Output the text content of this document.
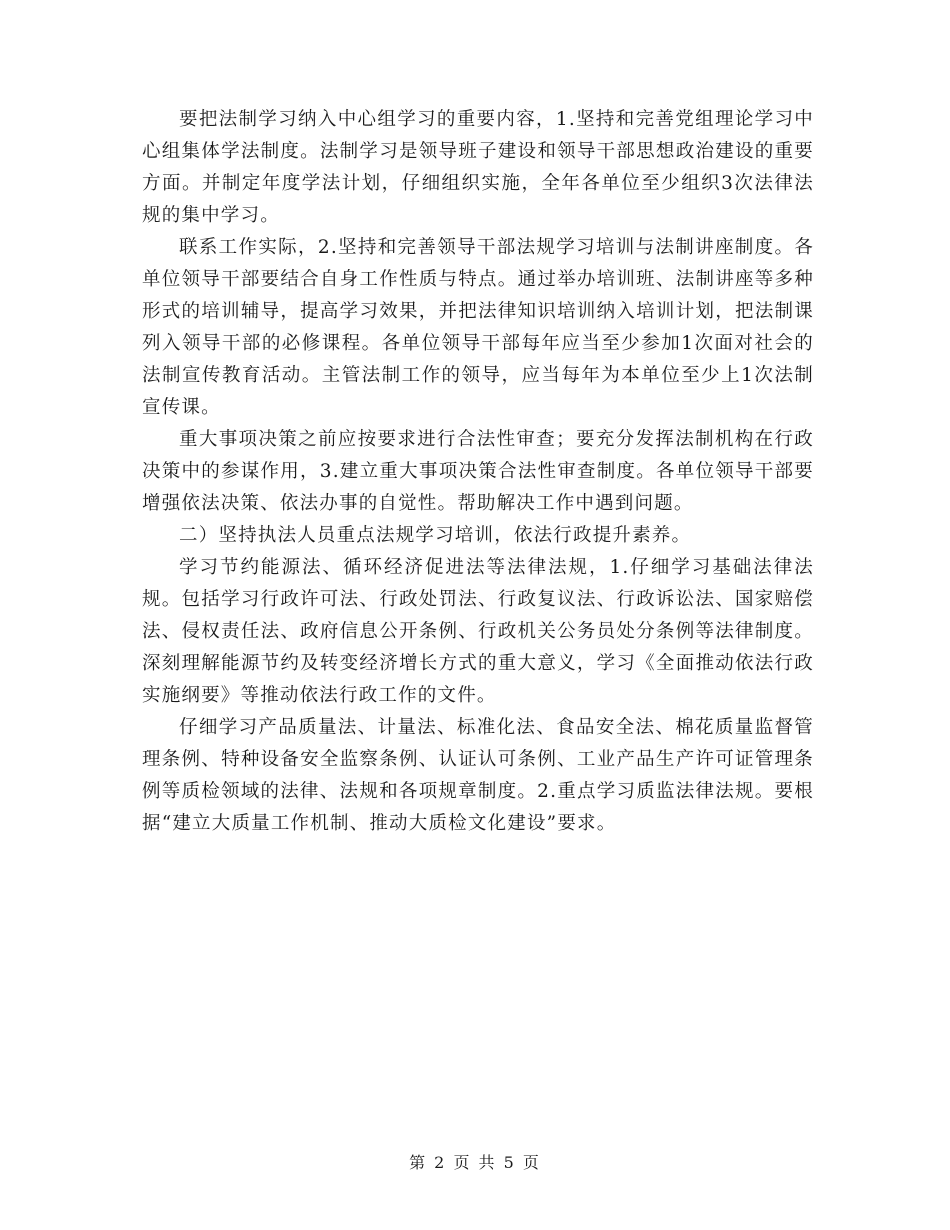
要把法制学习纳入中心组学习的重要内容，1.坚持和完善党组理论学习中心组集体学法制度。法制学习是领导班子建设和领导干部思想政治建设的重要方面。并制定年度学法计划，仔细组织实施，全年各单位至少组织3次法律法规的集中学习。

联系工作实际，2.坚持和完善领导干部法规学习培训与法制讲座制度。各单位领导干部要结合自身工作性质与特点。通过举办培训班、法制讲座等多种形式的培训辅导，提高学习效果，并把法律知识培训纳入培训计划，把法制课列入领导干部的必修课程。各单位领导干部每年应当至少参加1次面对社会的法制宣传教育活动。主管法制工作的领导，应当每年为本单位至少上1次法制宣传课。

重大事项决策之前应按要求进行合法性审查；要充分发挥法制机构在行政决策中的参谋作用，3.建立重大事项决策合法性审查制度。各单位领导干部要增强依法决策、依法办事的自觉性。帮助解决工作中遇到问题。

二）坚持执法人员重点法规学习培训，依法行政提升素养。

学习节约能源法、循环经济促进法等法律法规，1.仔细学习基础法律法规。包括学习行政许可法、行政处罚法、行政复议法、行政诉讼法、国家赔偿法、侵权责任法、政府信息公开条例、行政机关公务员处分条例等法律制度。深刻理解能源节约及转变经济增长方式的重大意义，学习《全面推动依法行政实施纲要》等推动依法行政工作的文件。

仔细学习产品质量法、计量法、标准化法、食品安全法、棉花质量监督管理条例、特种设备安全监察条例、认证认可条例、工业产品生产许可证管理条例等质检领域的法律、法规和各项规章制度。2.重点学习质监法律法规。要根据“建立大质量工作机制、推动大质检文化建设”要求。

第 2 页 共 5 页
